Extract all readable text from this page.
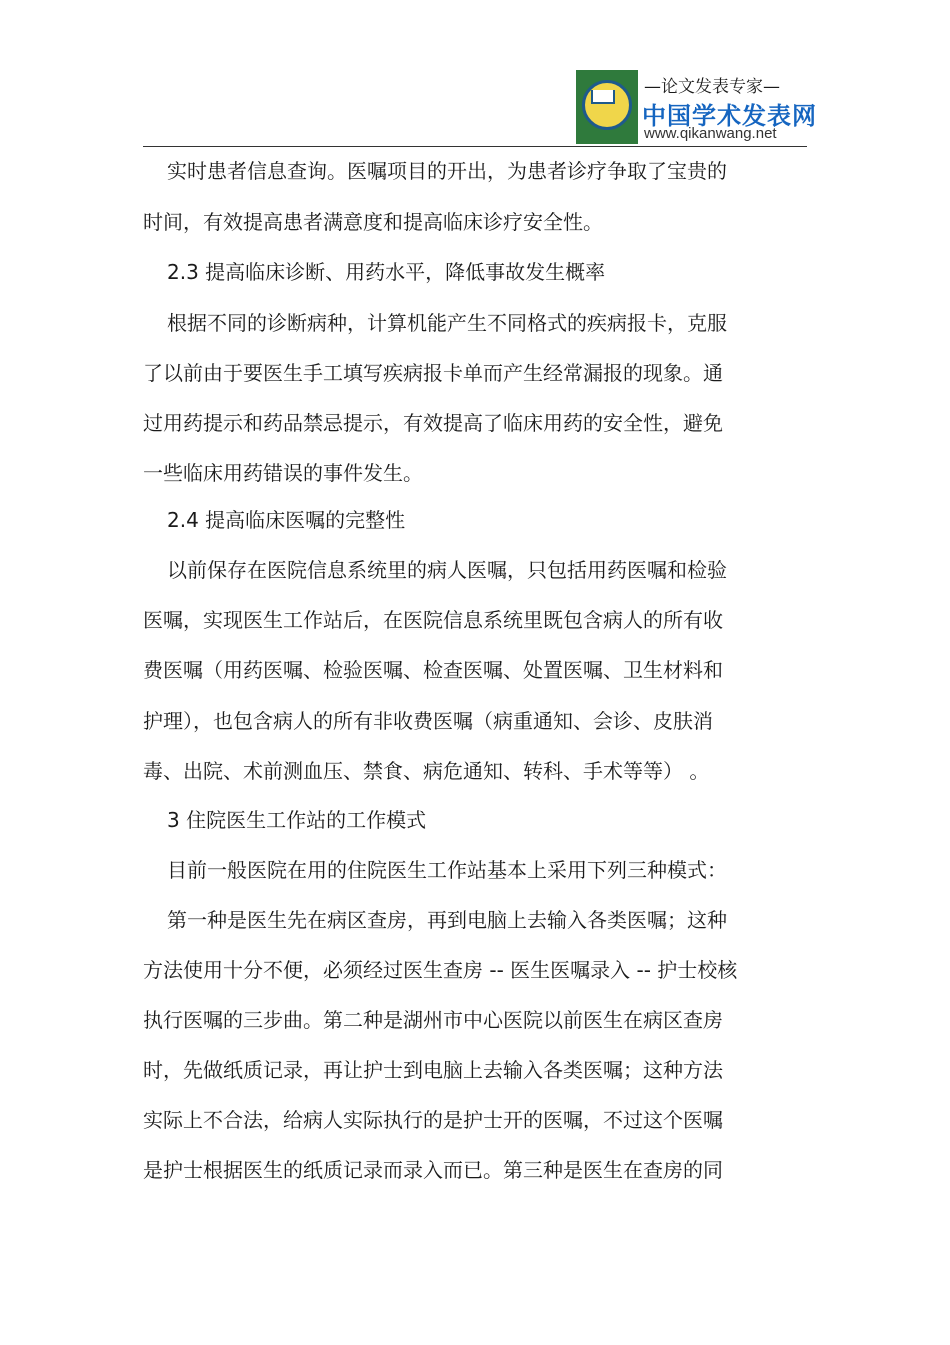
—论文发表专家—
中国学术发表网
www.qikanwang.net
实时患者信息查询。医嘱项目的开出，为患者诊疗争取了宝贵的
时间，有效提高患者满意度和提高临床诊疗安全性。
2.3 提高临床诊断、用药水平，降低事故发生概率
根据不同的诊断病种，计算机能产生不同格式的疾病报卡，克服
了以前由于要医生手工填写疾病报卡单而产生经常漏报的现象。通
过用药提示和药品禁忌提示，有效提高了临床用药的安全性，避免
一些临床用药错误的事件发生。
2.4 提高临床医嘱的完整性
以前保存在医院信息系统里的病人医嘱，只包括用药医嘱和检验
医嘱，实现医生工作站后，在医院信息系统里既包含病人的所有收
费医嘱（用药医嘱、检验医嘱、检查医嘱、处置医嘱、卫生材料和
护理），也包含病人的所有非收费医嘱（病重通知、会诊、皮肤消
毒、出院、术前测血压、禁食、病危通知、转科、手术等等） 。
3 住院医生工作站的工作模式
目前一般医院在用的住院医生工作站基本上采用下列三种模式：
第一种是医生先在病区查房，再到电脑上去输入各类医嘱；这种
方法使用十分不便，必须经过医生查房 -- 医生医嘱录入 -- 护士校核
执行医嘱的三步曲。第二种是湖州市中心医院以前医生在病区查房
时，先做纸质记录，再让护士到电脑上去输入各类医嘱；这种方法
实际上不合法，给病人实际执行的是护士开的医嘱，不过这个医嘱
是护士根据医生的纸质记录而录入而已。第三种是医生在查房的同
